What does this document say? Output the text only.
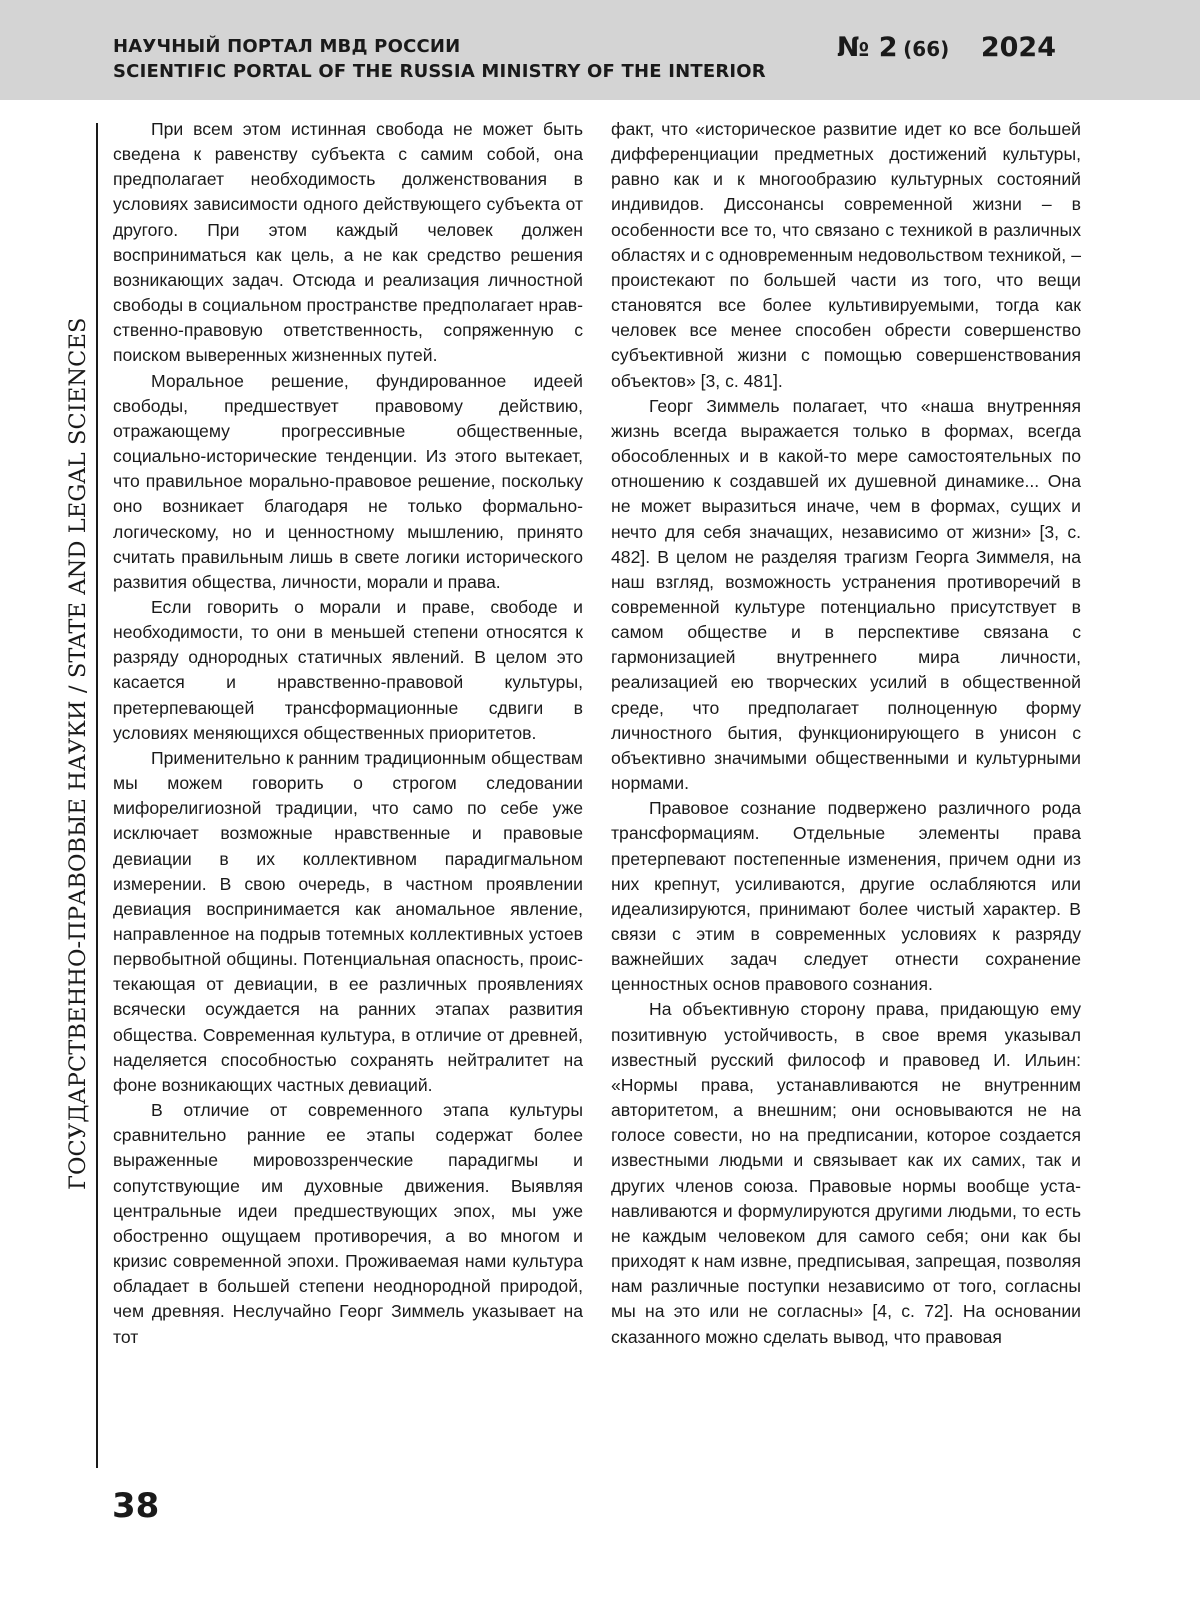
НАУЧНЫЙ ПОРТАЛ МВД РОССИИ
SCIENTIFIC PORTAL OF THE RUSSIA MINISTRY OF THE INTERIOR
№ 2 (66) 2024
ГОСУДАРСТВЕННО-ПРАВОВЫЕ НАУКИ / STATE AND LEGAL SCIENCES

При всем этом истинная свобода не может быть сведена к равенству субъекта с самим собой, она предполагает необходимость долженствования в условиях зависимости одного действующего субъекта от другого. При этом каждый человек должен восприниматься как цель, а не как средство решения возникающих задач. Отсюда и реализация личностной свободы в социальном пространстве предполагает нравственно-правовую ответственность, сопряженную с поиском выверенных жизненных путей.

Моральное решение, фундированное идеей свободы, предшествует правовому действию, отражающему прогрессивные общественные, социально-исторические тенденции. Из этого вытекает, что правильное морально-правовое решение, поскольку оно возникает благодаря не только формально-логическому, но и ценностному мышлению, принято считать правильным лишь в свете логики исторического развития общества, личности, морали и права.

Если говорить о морали и праве, свободе и необходимости, то они в меньшей степени относятся к разряду однородных статичных явлений. В целом это касается и нравственно-правовой культуры, претерпевающей трансформационные сдвиги в условиях меняющихся общественных приоритетов.

Применительно к ранним традиционным обществам мы можем говорить о строгом следовании мифорелигиозной традиции, что само по себе уже исключает возможные нравственные и правовые девиации в их коллективном парадигмальном измерении. В свою очередь, в частном проявлении девиация воспринимается как аномальное явление, направленное на подрыв тотемных коллективных устоев первобытной общины. Потенциальная опасность, проистекающая от девиации, в ее различных проявлениях всячески осуждается на ранних этапах развития общества. Современная культура, в отличие от древней, наделяется способностью сохранять нейтралитет на фоне возникающих частных девиаций.

В отличие от современного этапа культуры сравнительно ранние ее этапы содержат более выраженные мировоззренческие парадигмы и сопутствующие им духовные движения. Выявляя центральные идеи предшествующих эпох, мы уже обостренно ощущаем противоречия, а во многом и кризис современной эпохи. Проживаемая нами культура обладает в большей степени неоднородной природой, чем древняя. Неслучайно Георг Зиммель указывает на тот

факт, что «историческое развитие идет ко все большей дифференциации предметных достижений культуры, равно как и к многообразию культурных состояний индивидов. Диссонансы современной жизни – в особенности все то, что связано с техникой в различных областях и с одновременным недовольством техникой, – проистекают по большей части из того, что вещи становятся все более культивируемыми, тогда как человек все менее способен обрести совершенство субъективной жизни с помощью совершенствования объектов» [3, с. 481].

Георг Зиммель полагает, что «наша внутренняя жизнь всегда выражается только в формах, всегда обособленных и в какой-то мере самостоятельных по отношению к создавшей их душевной динамике... Она не может выразиться иначе, чем в формах, сущих и нечто для себя значащих, независимо от жизни» [3, с. 482]. В целом не разделяя трагизм Георга Зиммеля, на наш взгляд, возможность устранения противоречий в современной культуре потенциально присутствует в самом обществе и в перспективе связана с гармонизацией внутреннего мира личности, реализацией ею творческих усилий в общественной среде, что предполагает полноценную форму личностного бытия, функционирующего в унисон с объективно значимыми общественными и культурными нормами.

Правовое сознание подвержено различного рода трансформациям. Отдельные элементы права претерпевают постепенные изменения, причем одни из них крепнут, усиливаются, другие ослабляются или идеализируются, принимают более чистый характер. В связи с этим в современных условиях к разряду важнейших задач следует отнести сохранение ценностных основ правового сознания.

На объективную сторону права, придающую ему позитивную устойчивость, в свое время указывал известный русский философ и правовед И. Ильин: «Нормы права, устанавливаются не внутренним авторитетом, а внешним; они основываются не на голосе совести, но на предписании, которое создается известными людьми и связывает как их самих, так и других членов союза. Правовые нормы вообще устанавливаются и формулируются другими людьми, то есть не каждым человеком для самого себя; они как бы приходят к нам извне, предписывая, запрещая, позволяя нам различные поступки независимо от того, согласны мы на это или не согласны» [4, с. 72]. На основании сказанного можно сделать вывод, что правовая

38
